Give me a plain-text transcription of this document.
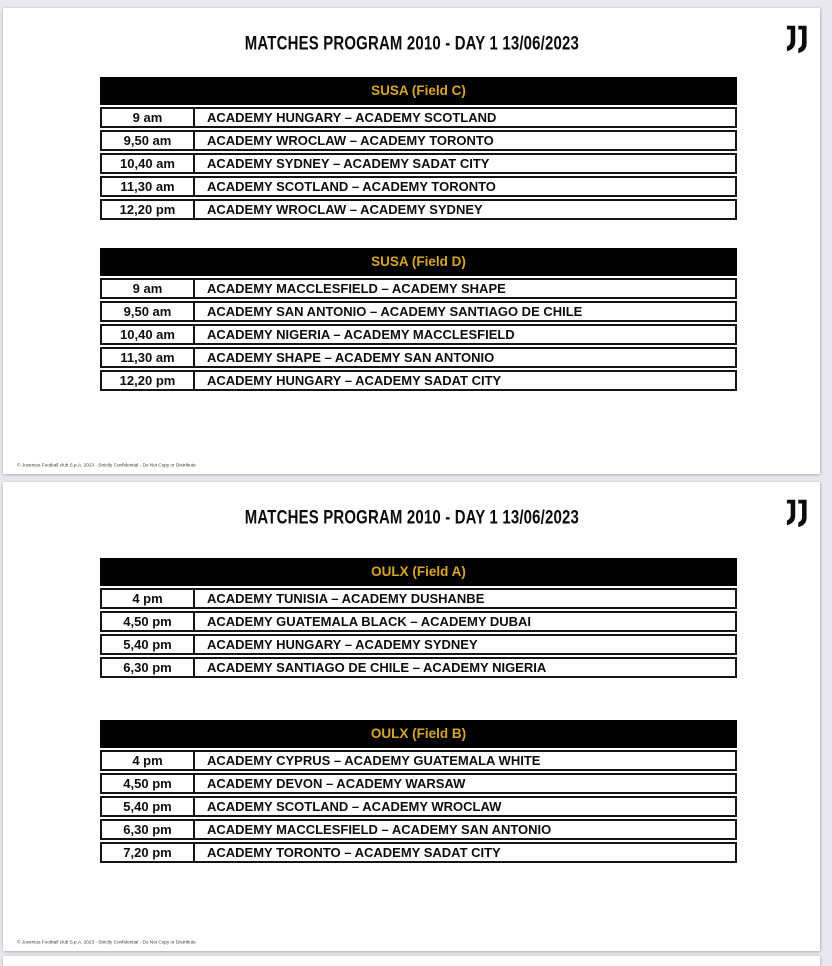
MATCHES PROGRAM 2010 - DAY 1 13/06/2023
SUSA (Field C)
9 am	ACADEMY HUNGARY – ACADEMY SCOTLAND
9,50 am	ACADEMY WROCLAW – ACADEMY TORONTO
10,40 am	ACADEMY SYDNEY – ACADEMY SADAT CITY
11,30 am	ACADEMY SCOTLAND – ACADEMY TORONTO
12,20 pm	ACADEMY WROCLAW – ACADEMY SYDNEY
SUSA (Field D)
9 am	ACADEMY MACCLESFIELD – ACADEMY SHAPE
9,50 am	ACADEMY SAN ANTONIO – ACADEMY SANTIAGO DE CHILE
10,40 am	ACADEMY NIGERIA – ACADEMY MACCLESFIELD
11,30 am	ACADEMY SHAPE – ACADEMY SAN ANTONIO
12,20 pm	ACADEMY HUNGARY – ACADEMY SADAT CITY
© Juventus Football club S.p.A. 2023 - Strictly Confidential - Do Not Copy or Distribute
MATCHES PROGRAM 2010 - DAY 1 13/06/2023
OULX (Field A)
4 pm	ACADEMY TUNISIA – ACADEMY DUSHANBE
4,50 pm	ACADEMY GUATEMALA BLACK – ACADEMY DUBAI
5,40 pm	ACADEMY HUNGARY – ACADEMY SYDNEY
6,30 pm	ACADEMY SANTIAGO DE CHILE – ACADEMY NIGERIA
OULX (Field B)
4 pm	ACADEMY CYPRUS – ACADEMY GUATEMALA WHITE
4,50 pm	ACADEMY DEVON – ACADEMY WARSAW
5,40 pm	ACADEMY SCOTLAND – ACADEMY WROCLAW
6,30 pm	ACADEMY MACCLESFIELD – ACADEMY SAN ANTONIO
7,20 pm	ACADEMY TORONTO – ACADEMY SADAT CITY
© Juventus Football club S.p.A. 2023 - Strictly Confidential - Do Not Copy or Distribute
